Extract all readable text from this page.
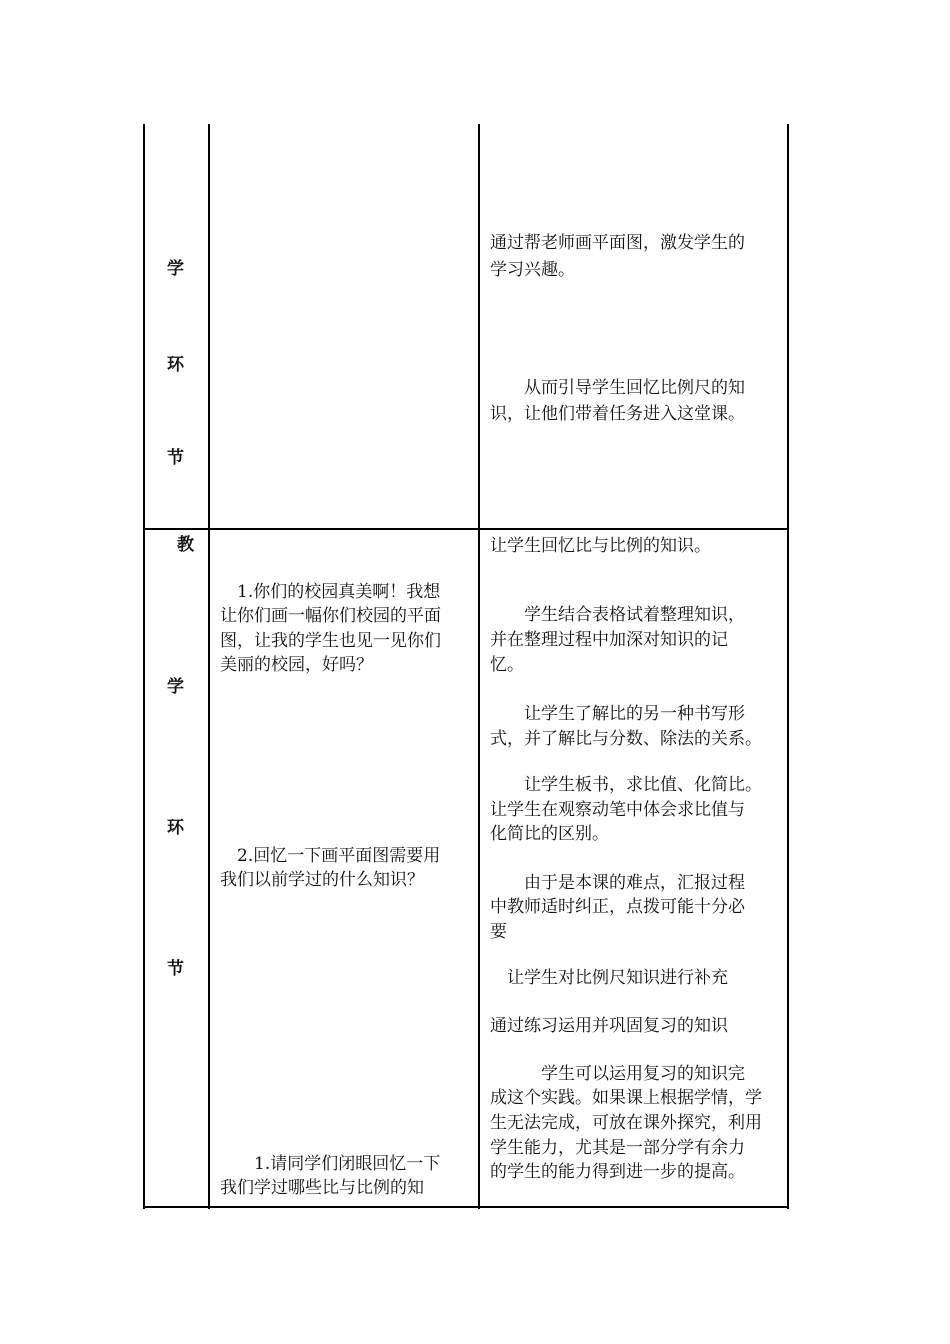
学
环
节
通过帮老师画平面图，激发学生的
学习兴趣。
　　从而引导学生回忆比例尺的知
识，让他们带着任务进入这堂课。
教
学
环
节
　1.你们的校园真美啊！我想
让你们画一幅你们校园的平面
图，让我的学生也见一见你们
美丽的校园，好吗？
　2.回忆一下画平面图需要用
我们以前学过的什么知识？
　　1.请同学们闭眼回忆一下
我们学过哪些比与比例的知
让学生回忆比与比例的知识。
　　学生结合表格试着整理知识，
并在整理过程中加深对知识的记
忆。
　　让学生了解比的另一种书写形
式，并了解比与分数、除法的关系。
　　让学生板书，求比值、化简比。
让学生在观察动笔中体会求比值与
化简比的区别。
　　由于是本课的难点，汇报过程
中教师适时纠正，点拨可能十分必
要
　让学生对比例尺知识进行补充
通过练习运用并巩固复习的知识
　　　学生可以运用复习的知识完
成这个实践。如果课上根据学情，学
生无法完成，可放在课外探究，利用
学生能力，尤其是一部分学有余力
的学生的能力得到进一步的提高。
